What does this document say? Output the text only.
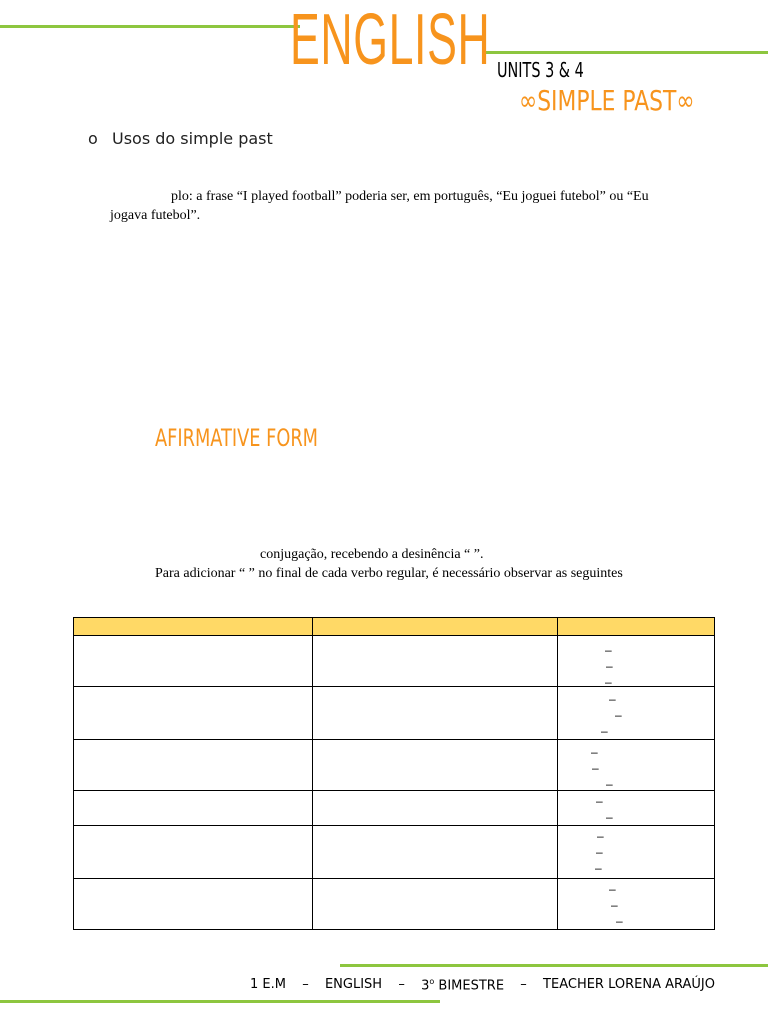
ENGLISH UNITS 3 & 4
∞SIMPLE PAST∞
o Usos do simple past
plo: a frase “I played football” poderia ser, em português, “Eu joguei futebol” ou “Eu
jogava futebol”.
AFIRMATIVE FORM
conjugação, recebendo a desinência “ ”.
Para adicionar “ ” no final de cada verbo regular, é necessário observar as seguintes

		–
–
–

		–
–
–

		–
–
–

		–
–

		–
–
–

		–
–
–
1 E.M – ENGLISH – 3$^o$ BIMESTRE – TEACHER LORENA ARAÚJO
